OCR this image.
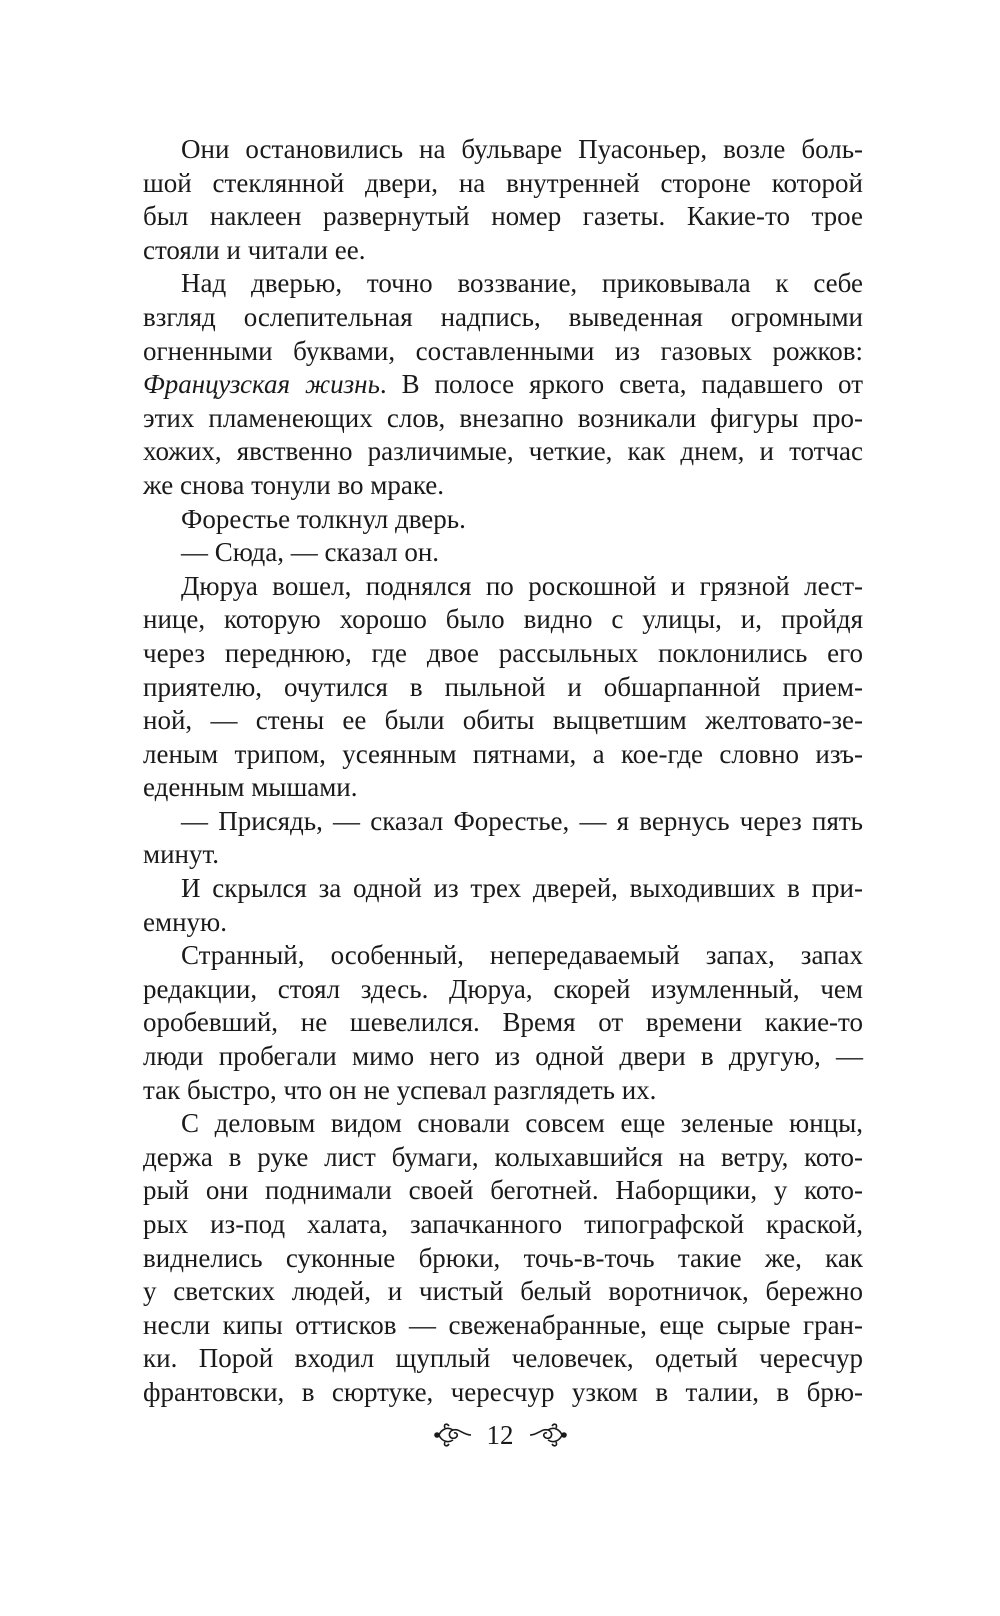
Они остановились на бульваре Пуасоньер, возле боль-
шой стеклянной двери, на внутренней стороне которой
был наклеен развернутый номер газеты. Какие-то трое
стояли и читали ее.
Над дверью, точно воззвание, приковывала к себе
взгляд ослепительная надпись, выведенная огромными
огненными буквами, составленными из газовых рожков:
Французская жизнь. В полосе яркого света, падавшего от
этих пламенеющих слов, внезапно возникали фигуры про-
хожих, явственно различимые, четкие, как днем, и тотчас
же снова тонули во мраке.
Форестье толкнул дверь.
— Сюда, — сказал он.
Дюруа вошел, поднялся по роскошной и грязной лест-
нице, которую хорошо было видно с улицы, и, пройдя
через переднюю, где двое рассыльных поклонились его
приятелю, очутился в пыльной и обшарпанной прием-
ной, — стены ее были обиты выцветшим желтовато-зе-
леным трипом, усеянным пятнами, а кое-где словно изъ-
еденным мышами.
— Присядь, — сказал Форестье, — я вернусь через пять
минут.
И скрылся за одной из трех дверей, выходивших в при-
емную.
Странный, особенный, непередаваемый запах, запах
редакции, стоял здесь. Дюруа, скорей изумленный, чем
оробевший, не шевелился. Время от времени какие-то
люди пробегали мимо него из одной двери в другую, —
так быстро, что он не успевал разглядеть их.
С деловым видом сновали совсем еще зеленые юнцы,
держа в руке лист бумаги, колыхавшийся на ветру, кото-
рый они поднимали своей беготней. Наборщики, у кото-
рых из-под халата, запачканного типографской краской,
виднелись суконные брюки, точь-в-точь такие же, как
у светских людей, и чистый белый воротничок, бережно
несли кипы оттисков — свеженабранные, еще сырые гран-
ки. Порой входил щуплый человечек, одетый чересчур
франтовски, в сюртуке, чересчур узком в талии, в брю-
12
